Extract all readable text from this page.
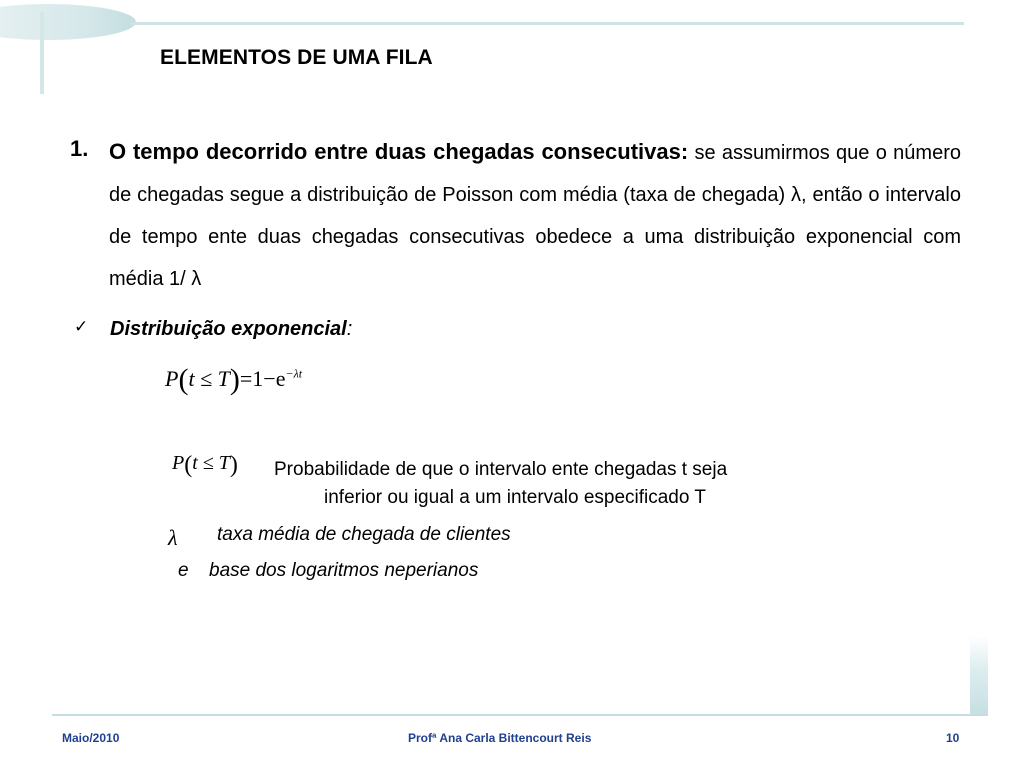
ELEMENTOS DE UMA FILA
1. O tempo decorrido entre duas chegadas consecutivas: se assumirmos que o número de chegadas segue a distribuição de Poisson com média (taxa de chegada) λ, então o intervalo de tempo ente duas chegadas consecutivas obedece a uma distribuição exponencial com média 1/ λ
✓ Distribuição exponencial:
$P(t \le T)=1-e^{-\lambda t}$
P(t ≤ T) Probabilidade de que o intervalo ente chegadas t seja
inferior ou igual a um intervalo especificado T
λ taxa média de chegada de clientes
e base dos logaritmos neperianos
Maio/2010	Profª Ana Carla Bittencourt Reis	10
